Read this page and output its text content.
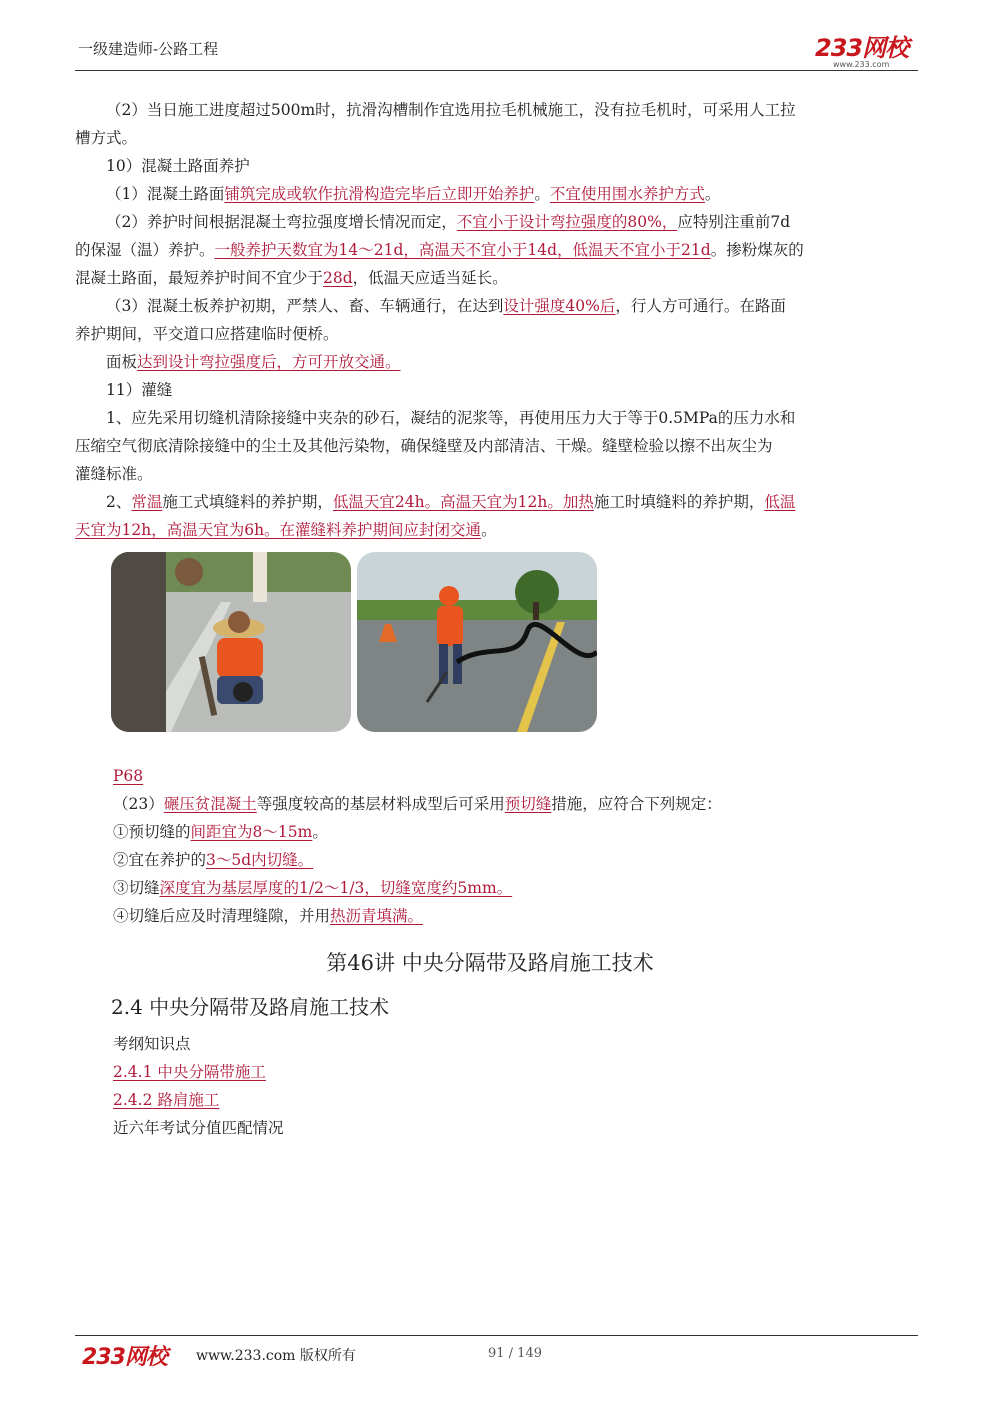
一级建造师-公路工程	233网校
www.233.com

（2）当日施工进度超过500m时，抗滑沟槽制作宜选用拉毛机械施工，没有拉毛机时，可采用人工拉

槽方式。

10）混凝土路面养护

（1）混凝土路面铺筑完成或软作抗滑构造完毕后立即开始养护。不宜使用围水养护方式。

（2）养护时间根据混凝土弯拉强度增长情况而定，不宜小于设计弯拉强度的80%，应特别注重前7d

的保湿（温）养护。一般养护天数宜为14～21d，高温天不宜小于14d，低温天不宜小于21d。掺粉煤灰的

混凝土路面，最短养护时间不宜少于28d，低温天应适当延长。

（3）混凝土板养护初期，严禁人、畜、车辆通行，在达到设计强度40%后，行人方可通行。在路面

养护期间，平交道口应搭建临时便桥。

面板达到设计弯拉强度后，方可开放交通。

11）灌缝

1、应先采用切缝机清除接缝中夹杂的砂石，凝结的泥浆等，再使用压力大于等于0.5MPa的压力水和

压缩空气彻底清除接缝中的尘土及其他污染物，确保缝壁及内部清洁、干燥。缝壁检验以擦不出灰尘为

灌缝标准。

2、常温施工式填缝料的养护期，低温天宜24h。高温天宜为12h。加热施工时填缝料的养护期，低温

天宜为12h，高温天宜为6h。在灌缝料养护期间应封闭交通。

P68

（23）碾压贫混凝土等强度较高的基层材料成型后可采用预切缝措施，应符合下列规定：

①预切缝的间距宜为8～15m。

②宜在养护的3～5d内切缝。

③切缝深度宜为基层厚度的1/2～1/3，切缝宽度约5mm。

④切缝后应及时清理缝隙，并用热沥青填满。

第46讲 中央分隔带及路肩施工技术
2.4 中央分隔带及路肩施工技术

考纲知识点

2.4.1 中央分隔带施工

2.4.2 路肩施工

近六年考试分值匹配情况

233网校 www.233.com 版权所有	91 / 149
